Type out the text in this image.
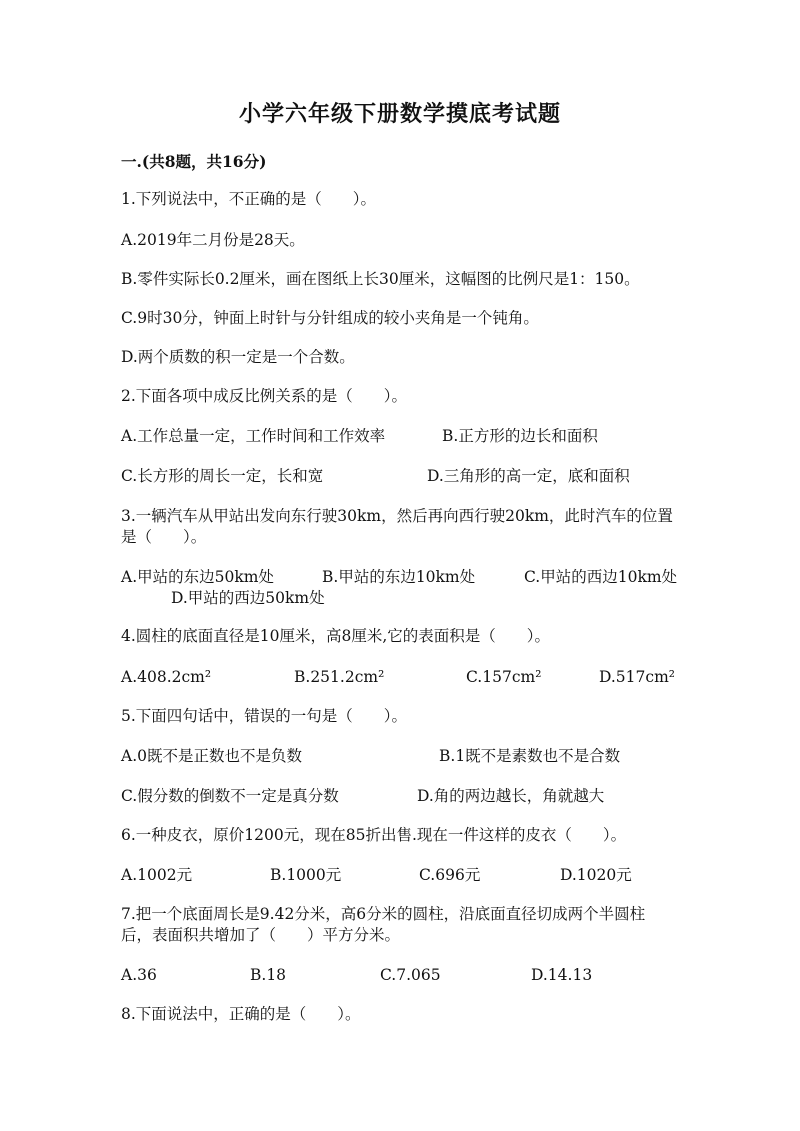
小学六年级下册数学摸底考试题
一.(共8题，共16分)
1.下列说法中，不正确的是（　　）。
A.2019年二月份是28天。
B.零件实际长0.2厘米，画在图纸上长30厘米，这幅图的比例尺是1：150。
C.9时30分，钟面上时针与分针组成的较小夹角是一个钝角。
D.两个质数的积一定是一个合数。
2.下面各项中成反比例关系的是（　　）。
A.工作总量一定，工作时间和工作效率	B.正方形的边长和面积
C.长方形的周长一定，长和宽	D.三角形的高一定，底和面积
3.一辆汽车从甲站出发向东行驶30km，然后再向西行驶20km，此时汽车的位置
是（　　）。
A.甲站的东边50km处	B.甲站的东边10km处	C.甲站的西边10km处
D.甲站的西边50km处
4.圆柱的底面直径是10厘米，高8厘米,它的表面积是（　　）。
A.408.2cm²	B.251.2cm²	C.157cm²	D.517cm²
5.下面四句话中，错误的一句是（　　）。
A.0既不是正数也不是负数	B.1既不是素数也不是合数
C.假分数的倒数不一定是真分数	D.角的两边越长，角就越大
6.一种皮衣，原价1200元，现在85折出售.现在一件这样的皮衣（　　）。
A.1002元	B.1000元	C.696元	D.1020元
7.把一个底面周长是9.42分米，高6分米的圆柱，沿底面直径切成两个半圆柱
后，表面积共增加了（　　）平方分米。
A.36	B.18	C.7.065	D.14.13
8.下面说法中，正确的是（　　）。
